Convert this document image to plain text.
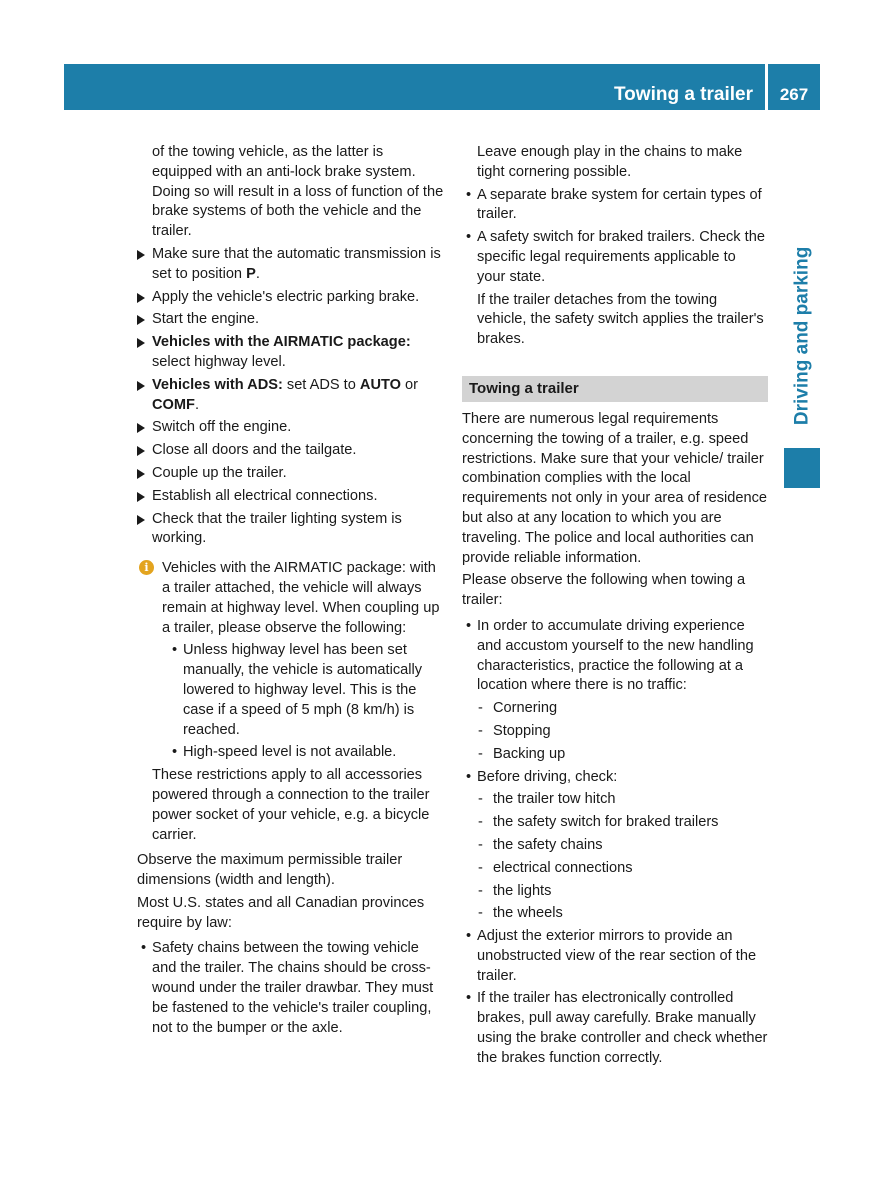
Towing a trailer 267
Driving and parking

of the towing vehicle, as the latter is equipped with an anti-lock brake system. Doing so will result in a loss of function of the brake systems of both the vehicle and the trailer.

Make sure that the automatic transmission is set to position P.
Apply the vehicle's electric parking brake.
Start the engine.
Vehicles with the AIRMATIC package: select highway level.
Vehicles with ADS: set ADS to AUTO or
COMF.
Switch off the engine.
Close all doors and the tailgate.
Couple up the trailer.
Establish all electrical connections.
Check that the trailer lighting system is working.
i Vehicles with the AIRMATIC package: with a trailer attached, the vehicle will always remain at highway level. When coupling up a trailer, please observe the following:

• Unless highway level has been set manually, the vehicle is automatically lowered to highway level. This is the case if a speed of 5 mph (8 km/h) is reached.
• High-speed level is not available.

These restrictions apply to all accessories powered through a connection to the trailer power socket of your vehicle, e.g. a bicycle carrier.

Observe the maximum permissible trailer dimensions (width and length).

Most U.S. states and all Canadian provinces require by law:

• Safety chains between the towing vehicle and the trailer. The chains should be cross-wound under the trailer drawbar. They must be fastened to the vehicle's trailer coupling, not to the bumper or the axle.

Leave enough play in the chains to make tight cornering possible.

• A separate brake system for certain types of trailer.
• A safety switch for braked trailers. Check the specific legal requirements applicable to your state.

If the trailer detaches from the towing vehicle, the safety switch applies the trailer's brakes.

Towing a trailer

There are numerous legal requirements concerning the towing of a trailer, e.g. speed restrictions. Make sure that your vehicle/ trailer combination complies with the local requirements not only in your area of residence but also at any location to which you are traveling. The police and local authorities can provide reliable information.

Please observe the following when towing a trailer:

• In order to accumulate driving experience and accustom yourself to the new handling characteristics, practice the following at a location where there is no traffic:
- Cornering
- Stopping
- Backing up
• Before driving, check:
- the trailer tow hitch
- the safety switch for braked trailers
- the safety chains
- electrical connections
- the lights
- the wheels
• Adjust the exterior mirrors to provide an unobstructed view of the rear section of the trailer.
• If the trailer has electronically controlled brakes, pull away carefully. Brake manually using the brake controller and check whether the brakes function correctly.
